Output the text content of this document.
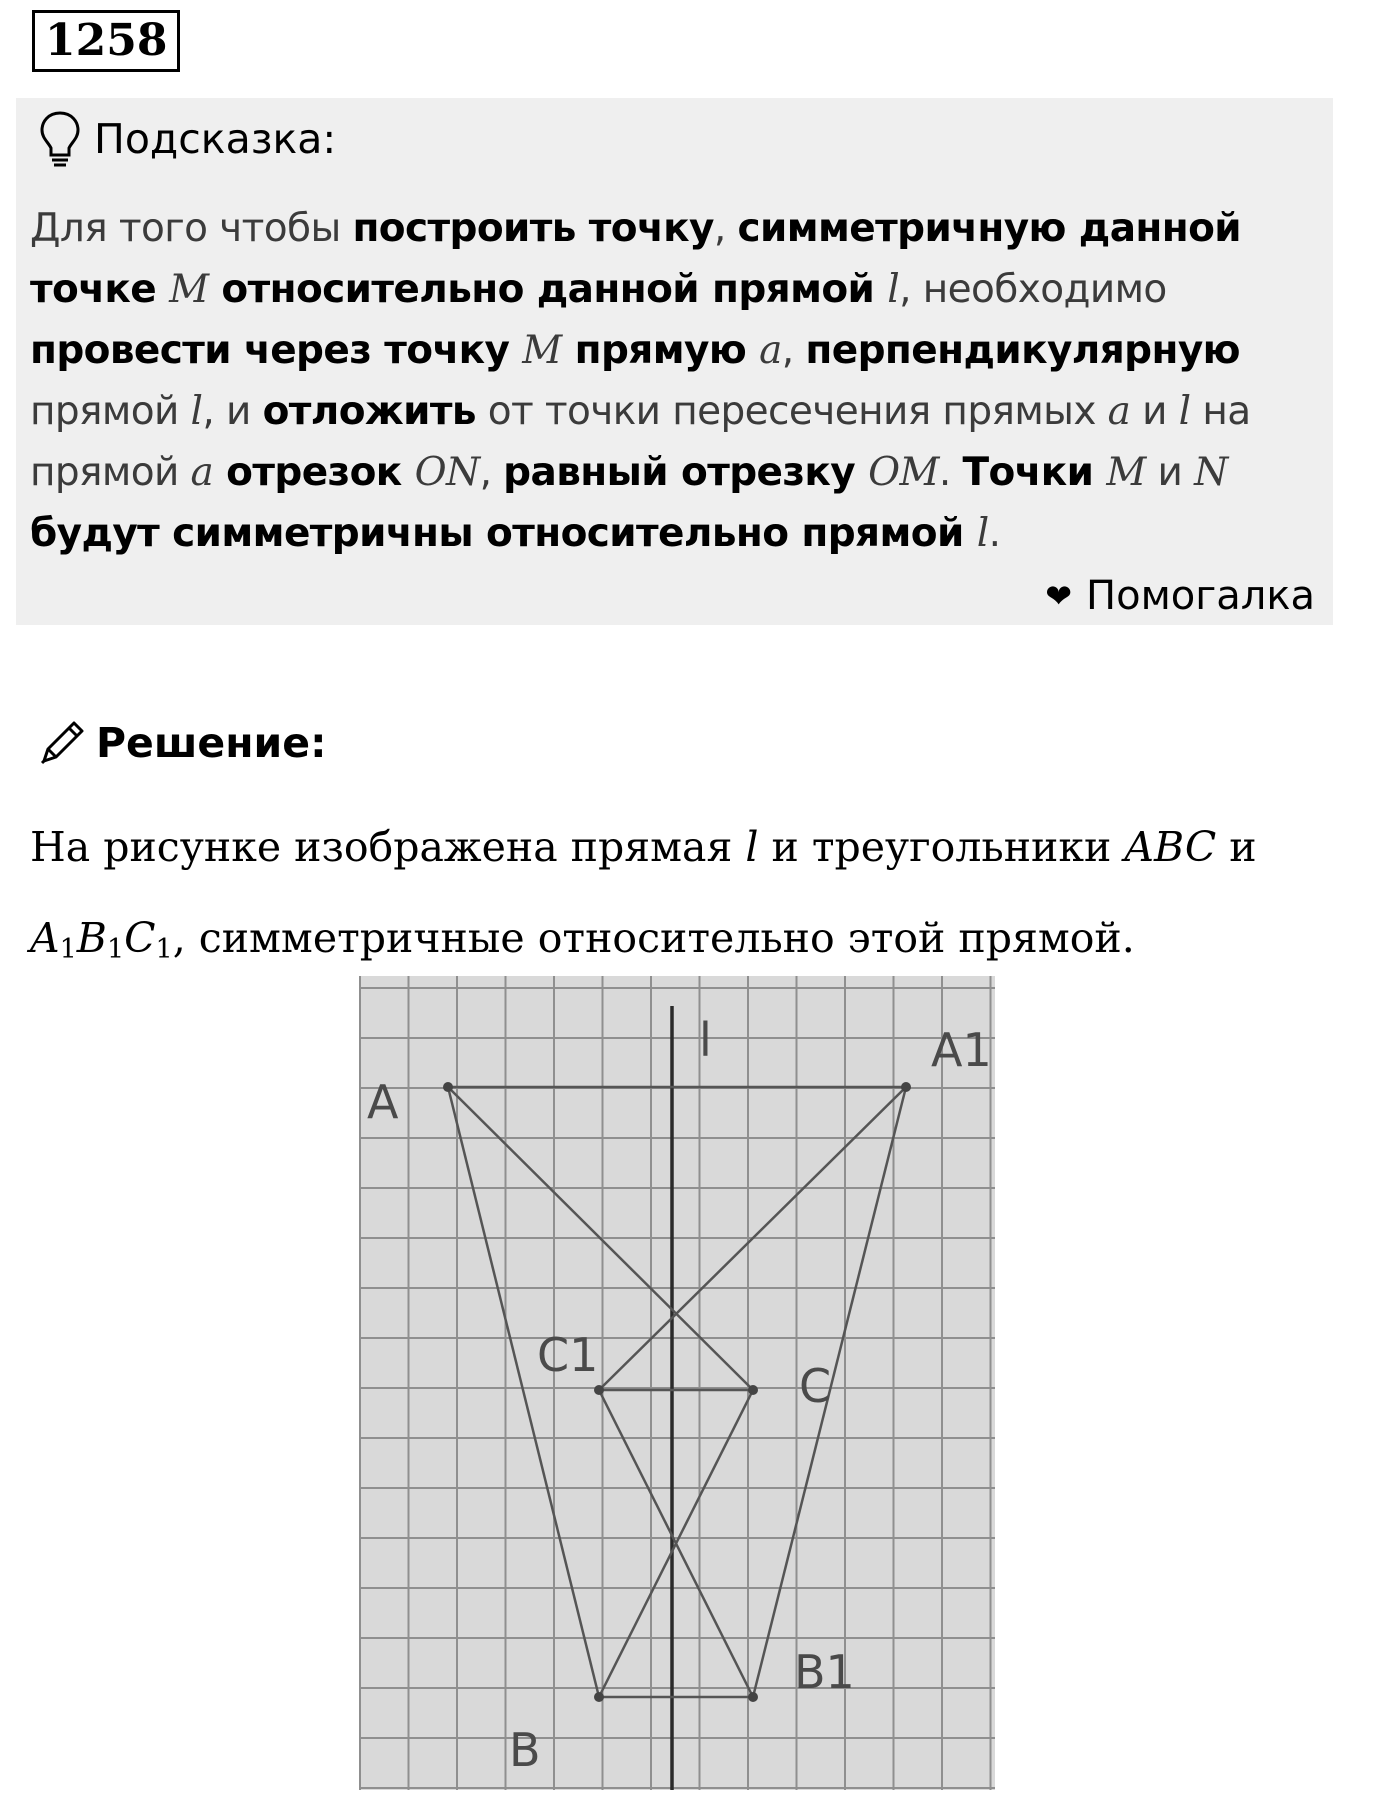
1258
Подсказка:
Для того чтобы построить точку, симметричную данной точке M относительно данной прямой l, необходимо провести через точку M прямую a, перпендикулярную прямой l, и отложить от точки пересечения прямых a и l на прямой a отрезок ON, равный отрезку OM. Точки M и N будут симметричны относительно прямой l.
❤ Помогалка
Решение:
На рисунке изображена прямая l и треугольники ABC и $A_1B_1C_1$, симметричные относительно этой прямой.
l
A
A1
C1
C
B
B1
